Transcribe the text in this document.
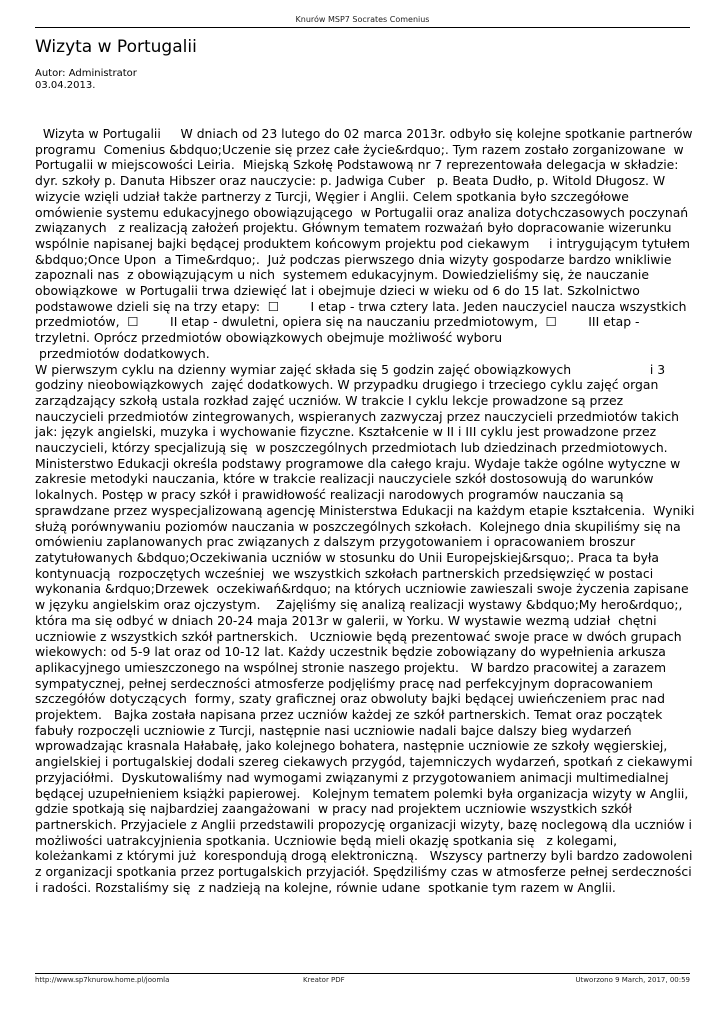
Knurów MSP7 Socrates Comenius
Wizyta w Portugalii
Autor: Administrator
03.04.2013.

Wizyta w Portugalii     W dniach od 23 lutego do 02 marca 2013r. odbyło się kolejne spotkanie partnerów programu  Comenius &bdquo;Uczenie się przez całe życie&rdquo;. Tym razem zostało zorganizowane  w  Portugalii w miejscowości Leiria.  Miejską Szkołę Podstawową nr 7 reprezentowała delegacja w składzie: dyr. szkoły p. Danuta Hibszer oraz nauczycie: p. Jadwiga Cuber   p. Beata Dudło, p. Witold Długosz. W wizycie wzięli udział także partnerzy z Turcji, Węgier i Anglii. Celem spotkania było szczegółowe omówienie systemu edukacyjnego obowiązującego  w Portugalii oraz analiza dotychczasowych poczynań związanych   z realizacją założeń projektu. Głównym tematem rozważań było dopracowanie wizerunku wspólnie napisanej bajki będącej produktem końcowym projektu pod ciekawym     i intrygującym tytułem &bdquo;Once Upon  a Time&rdquo;.  Już podczas pierwszego dnia wizyty gospodarze bardzo wnikliwie zapoznali nas  z obowiązującym u nich  systemem edukacyjnym. Dowiedzieliśmy się, że nauczanie obowiązkowe  w Portugalii trwa dziewięć lat i obejmuje dzieci w wieku od 6 do 15 lat. Szkolnictwo podstawowe dzieli się na trzy etapy:  ☐        I etap - trwa cztery lata. Jeden nauczyciel naucza wszystkich przedmiotów,  ☐        II etap - dwuletni, opiera się na nauczaniu przedmiotowym,  ☐        III etap - trzyletni. Oprócz przedmiotów obowiązkowych obejmuje możliwość wyboru

przedmiotów dodatkowych.

W pierwszym cyklu na dzienny wymiar zajęć składa się 5 godzin zajęć obowiązkowych                    i 3 godziny nieobowiązkowych  zajęć dodatkowych. W przypadku drugiego i trzeciego cyklu zajęć organ zarządzający szkołą ustala rozkład zajęć uczniów. W trakcie I cyklu lekcje prowadzone są przez nauczycieli przedmiotów zintegrowanych, wspieranych zazwyczaj przez nauczycieli przedmiotów takich jak: język angielski, muzyka i wychowanie fizyczne. Kształcenie w II i III cyklu jest prowadzone przez nauczycieli, którzy specjalizują się  w poszczególnych przedmiotach lub dziedzinach przedmiotowych. Ministerstwo Edukacji określa podstawy programowe dla całego kraju. Wydaje także ogólne wytyczne w zakresie metodyki nauczania, które w trakcie realizacji nauczyciele szkół dostosowują do warunków lokalnych. Postęp w pracy szkół i prawidłowość realizacji narodowych programów nauczania są sprawdzane przez wyspecjalizowaną agencję Ministerstwa Edukacji na każdym etapie kształcenia.  Wyniki służą porównywaniu poziomów nauczania w poszczególnych szkołach.  Kolejnego dnia skupiliśmy się na omówieniu zaplanowanych prac związanych z dalszym przygotowaniem i opracowaniem broszur  zatytułowanych &bdquo;Oczekiwania uczniów w stosunku do Unii Europejskiej&rsquo;. Praca ta była kontynuacją  rozpoczętych wcześniej  we wszystkich szkołach partnerskich przedsięwzięć w postaci wykonania &rdquo;Drzewek  oczekiwań&rdquo; na których uczniowie zawieszali swoje życzenia zapisane w języku angielskim oraz ojczystym.    Zajęliśmy się analizą realizacji wystawy &bdquo;My hero&rdquo;, która ma się odbyć w dniach 20-24 maja 2013r w galerii, w Yorku. W wystawie wezmą udział  chętni uczniowie z wszystkich szkół partnerskich.   Uczniowie będą prezentować swoje prace w dwóch grupach wiekowych: od 5-9 lat oraz od 10-12 lat. Każdy uczestnik będzie zobowiązany do wypełnienia arkusza aplikacyjnego umieszczonego na wspólnej stronie naszego projektu.   W bardzo pracowitej a zarazem sympatycznej, pełnej serdeczności atmosferze podjęliśmy pracę nad perfekcyjnym dopracowaniem szczegółów dotyczących  formy, szaty graficznej oraz obwoluty bajki będącej uwieńczeniem prac nad projektem.   Bajka została napisana przez uczniów każdej ze szkół partnerskich. Temat oraz początek fabuły rozpoczęli uczniowie z Turcji, następnie nasi uczniowie nadali bajce dalszy bieg wydarzeń wprowadzając krasnala Hałabałę, jako kolejnego bohatera, następnie uczniowie ze szkoły węgierskiej, angielskiej i portugalskiej dodali szereg ciekawych przygód, tajemniczych wydarzeń, spotkań z ciekawymi przyjaciółmi.  Dyskutowaliśmy nad wymogami związanymi z przygotowaniem animacji multimedialnej będącej uzupełnieniem książki papierowej.   Kolejnym tematem polemki była organizacja wizyty w Anglii, gdzie spotkają się najbardziej zaangażowani  w pracy nad projektem uczniowie wszystkich szkół partnerskich. Przyjaciele z Anglii przedstawili propozycję organizacji wizyty, bazę noclegową dla uczniów i możliwości uatrakcyjnienia spotkania. Uczniowie będą mieli okazję spotkania się   z kolegami, koleżankami z którymi już  korespondują drogą elektroniczną.   Wszyscy partnerzy byli bardzo zadowoleni z organizacji spotkania przez portugalskich przyjaciół. Spędziliśmy czas w atmosferze pełnej serdeczności i radości. Rozstaliśmy się  z nadzieją na kolejne, równie udane  spotkanie tym razem w Anglii.

http://www.sp7knurow.home.pl/joomla	Kreator PDF	Utworzono 9 March, 2017, 00:59
